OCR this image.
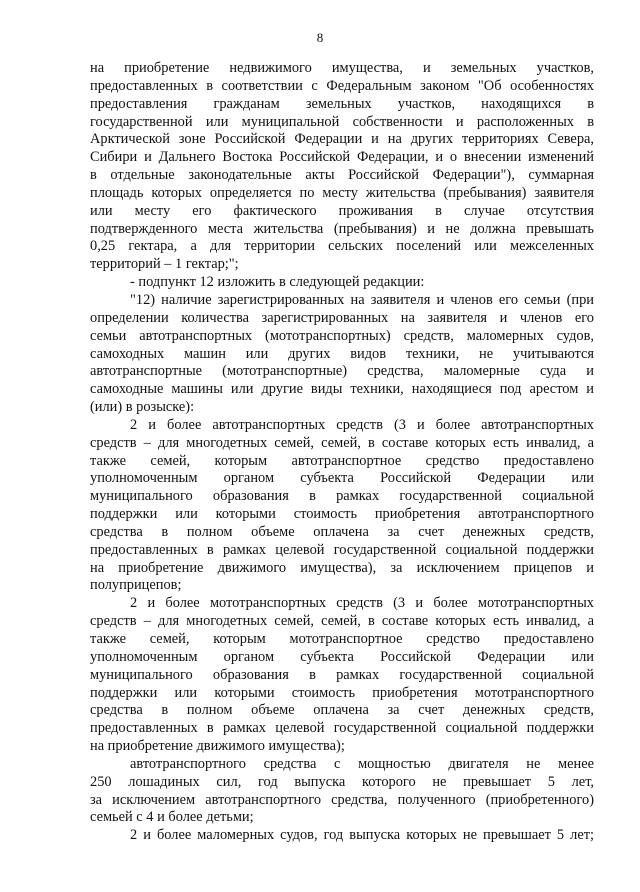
8
на приобретение недвижимого имущества, и земельных участков,
предоставленных в соответствии с Федеральным законом "Об особенностях
предоставления гражданам земельных участков, находящихся в
государственной или муниципальной собственности и расположенных в
Арктической зоне Российской Федерации и на других территориях Севера,
Сибири и Дальнего Востока Российской Федерации, и о внесении изменений
в отдельные законодательные акты Российской Федерации"), суммарная
площадь которых определяется по месту жительства (пребывания) заявителя
или месту его фактического проживания в случае отсутствия
подтвержденного места жительства (пребывания) и не должна превышать
0,25 гектара, а для территории сельских поселений или межселенных
территорий – 1 гектар;";
- подпункт 12 изложить в следующей редакции:
"12) наличие зарегистрированных на заявителя и членов его семьи (при
определении количества зарегистрированных на заявителя и членов его
семьи автотранспортных (мототранспортных) средств, маломерных судов,
самоходных машин или других видов техники, не учитываются
автотранспортные (мототранспортные) средства, маломерные суда и
самоходные машины или другие виды техники, находящиеся под арестом и
(или) в розыске):
2 и более автотранспортных средств (3 и более автотранспортных
средств – для многодетных семей, семей, в составе которых есть инвалид, а
также семей, которым автотранспортное средство предоставлено
уполномоченным органом субъекта Российской Федерации или
муниципального образования в рамках государственной социальной
поддержки или которыми стоимость приобретения автотранспортного
средства в полном объеме оплачена за счет денежных средств,
предоставленных в рамках целевой государственной социальной поддержки
на приобретение движимого имущества), за исключением прицепов и
полуприцепов;
2 и более мототранспортных средств (3 и более мототранспортных
средств – для многодетных семей, семей, в составе которых есть инвалид, а
также семей, которым мототранспортное средство предоставлено
уполномоченным органом субъекта Российской Федерации или
муниципального образования в рамках государственной социальной
поддержки или которыми стоимость приобретения мототранспортного
средства в полном объеме оплачена за счет денежных средств,
предоставленных в рамках целевой государственной социальной поддержки
на приобретение движимого имущества);
автотранспортного средства с мощностью двигателя не менее
250 лошадиных сил, год выпуска которого не превышает 5 лет,
за исключением автотранспортного средства, полученного (приобретенного)
семьей с 4 и более детьми;
2 и более маломерных судов, год выпуска которых не превышает 5 лет;
